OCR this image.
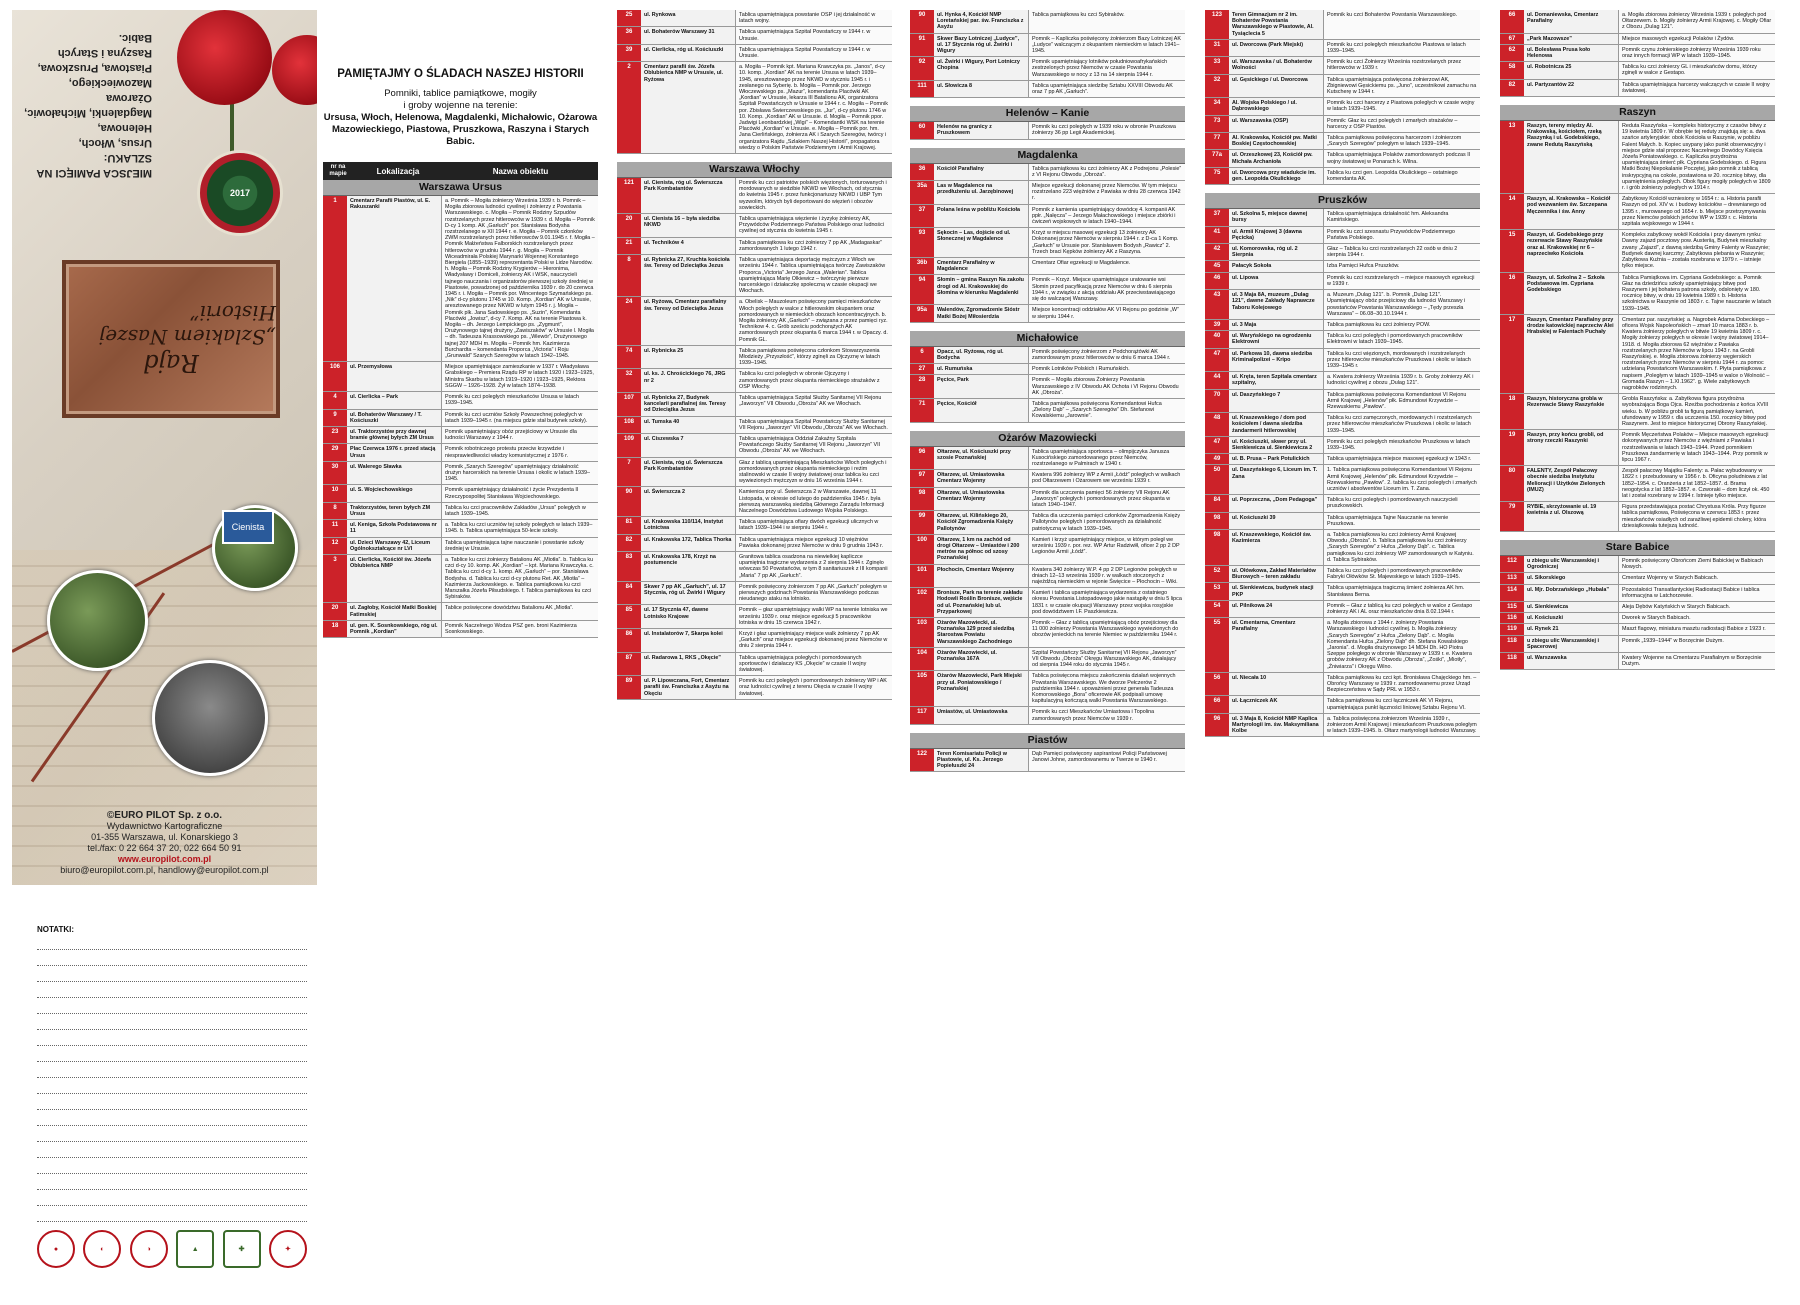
MIEJSCA PAMIĘCI NA SZLAKU:
Ursus, Włoch, Helenowa,
Magdalenki, Michałowic,
Ożarowa Mazowieckiego,
Piastowa, Pruszkowa,
Raszyna i Starych Babic.
2017
Rajd
„Szlakiem Naszej Historii”
Cienista
©EURO PILOT Sp. z o.o.
Wydawnictwo Kartograficzne
01-355 Warszawa, ul. Konarskiego 3
tel./fax: 0 22 664 37 20, 022 664 50 91
www.europilot.com.pl
biuro@europilot.com.pl, handlowy@europilot.com.pl
NOTATKI:
●	◐	◑	▲	✚	✦
PAMIĘTAJMY O ŚLADACH NASZEJ HISTORII
Pomniki, tablice pamiątkowe, mogiły
i groby wojenne na terenie:
Ursusa, Włoch, Helenowa, Magdalenki, Michałowic, Ożarowa Mazowieckiego, Piastowa, Pruszkowa, Raszyna i Starych Babic.
nr na mapie	Lokalizacja	Nazwa obiektu
Warszawa Ursus
1	Cmentarz Parafii Piastów, ul. E. Rakuszanki
a. Pomnik – Mogiła żołnierzy Września 1939 r. b. Pomnik – Mogiła zbiorowa ludności cywilnej i żołnierzy z Powstania Warszawskiego. c. Mogiła – Pomnik Rodziny Szpudów rozstrzelanych przez hitlerowców w 1939 r. d. Mogiła – Pomnik D-cy 1 komp. AK „Garłuch” por. Stanisława Bodysha rozstrzelanego w XII 1944 r. e. Mogiła – Pomnik członków ZWM rozstrzelanych przez hitlerowców 9.01.1945 r. f. Mogiła – Pomnik Małżeństwa Falborskich rozstrzelanych przez hitlerowców w grudniu 1944 r. g. Mogiła – Pomnik Wiceadmirała Polskiej Marynarki Wojennej Konstantego Biergiela (1855–1939) reprezentanta Polski w Lidze Narodów. h. Mogiła – Pomnik Rodziny Krygierów – Hieronima, Władysławy i Domiceli, żołnierzy AK i WSK, nauczycieli tajnego nauczania i organizatorów pierwszej szkoły średniej w Piastowie, powadzonej od października 1939 r. do 20 czerwca 1945 r. i. Mogiła – Pomnik por. Wincentego Szymańskiego ps. „Nik” d-cy plutonu 1745 w 10. Komp. „Kordian” AK w Ursusie, aresztowanego przez NKWD w lutym 1945 r. j. Mogiła – Pomnik plk. Jana Sadowskiego ps. „Suzin”, Komendanta Placówki „Jowisz”, d-cy 7. Komp. AK na terenie Piastowa k. Mogiła – dh. Jerzego Lempickiego ps. „Zygmunt”, Drużynowego tajnej drużyny „Zawiszaków” w Ursusie l. Mogiła – dh. Tadeusza Krassowskiego ps. „Wiewór”, Drużynowego tajnej 207 MDH m. Mogiła – Pomnik hm. Kazimierza Burchardta – komendanta Proporca „Victoria” i Roju „Grunwald” Szarych Szeregów w latach 1942–1945.
106	ul. Przemysłowa	Miejsce upamiętniające zamieszkanie w 1937 r. Władysława Grabskiego – Premiera Rządu RP w latach 1920 i 1923–1925, Ministra Skarbu w latach 1919–1920 i 1923–1925, Rektora SGGW – 1926–1928. Żył w latach 1874–1938.
4	ul. Cierlicka – Park	Pomnik ku czci poległych mieszkańców Ursusa w latach 1939–1945.
9	ul. Bohaterów Warszawy / T. Kościuszki
Pomnik ku czci uczniów Szkoły Powszechnej poległych w latach 1939–1945 r. (na miejscu gdzie stał budynek szkoły).
23	ul. Traktorzystów przy dawnej bramie głównej byłych ZM Ursus
Pomnik upamiętniający obóz przejściowy w Ursusie dla ludności Warszawy z 1944 r.
29	Plac Czerwca 1976 r. przed stacją Ursus
Pomnik robotniczego protestu przeciw krzywdzie i niesprawiedliwości władzy komunistycznej z 1976 r.
30	ul. Walerego Sławka	Pomnik „Szarych Szeregów” upamiętniający działalność drużyn harcerskich na terenie Ursusa i okolic w latach 1939–1945.
10	ul. S. Wojciechowskiego	Pomnik upamiętniający działalność i życie Prezydenta II Rzeczypospolitej Stanisława Wojciechowskiego.
8	Traktorzystów, teren byłych ZM Ursus
Tablica ku czci pracowników Zakładów „Ursus” poległych w latach 1939–1945.
11	ul. Keniga, Szkoła Podstawowa nr 11
a. Tablica ku czci uczniów tej szkoły poległych w latach 1939–1945. b. Tablica upamiętniająca 50-lecie szkoły.
12	ul. Dzieci Warszawy 42, Liceum Ogólnokształcące nr LVI
Tablica upamiętniająca tajne nauczanie i powstanie szkoły średniej w Ursusie.
3	ul. Cierlicka, Kościół św. Józefa Oblubieńca NMP
a. Tablice ku czci żołnierzy Batalionu AK „Miotła”. b. Tablica ku czci d-cy 10. komp. AK „Kordian” – kpt. Mariana Krawczyka. c. Tablica ku czci d-cy 1. komp. AK „Garłuch” – por. Stanisława Bodysha. d. Tablica ku czci d-cy plutonu Ret. AK „Miotła” – Kazimierza Jackowskiego. e. Tablica pamiątkowa ku czci Marszałka Józefa Piłsudskiego. f. Tablica pamiątkowa ku czci Sybiraków.
20	ul. Zagłoby, Kościół Matki Boskiej Fatimskiej
Tablice poświęcone dowództwu Batalionu AK „Miotła”.
18	ul. gen. K. Sosnkowskiego, róg ul. Pomnik „Kordian”
Pomnik Naczelnego Wodza PSZ gen. broni Kazimierza Sosnkowskiego.
25	ul. Rynkowa	Tablica upamiętniająca powstanie OSP i jej działalność w latach wojny.
36	ul. Bohaterów Warszawy 31	Tablica upamiętniająca Szpital Powstańczy w 1944 r. w Ursusie.
39	ul. Cierlicka, róg ul. Kościuszki	Tablica upamiętniająca Szpital Powstańczy w 1944 r. w Ursusie.
2	Cmentarz parafii św. Józefa Oblubieńca NMP w Ursusie, ul. Ryżowa
a. Mogiła – Pomnik kpt. Mariana Krawczyka ps. „Janos”, d-cy 10. komp. „Kordian” AK na terenie Ursusa w latach 1939–1945, aresztowanego przez NKWD w styczniu 1945 r. i zesłanego na Syberię. b. Mogiła – Pomnik por. Jerzego Włoczewskiego ps. „Mazur”, komendanta Placówki AK „Kordian” w Ursusie, lekarza III Batalionu AK, organizatora Szpitali Powstańczych w Ursusie w 1944 r. c. Mogiła – Pomnik por. Zbisława Świerczewskiego ps. „Jur”, d-cy plutonu 1746 w 10. Komp. „Kordian” AK w Ursusie. d. Mogiła – Pomnik ppor. Jadwigi Leonbardzkiej „Wigi” – Komendantki WSK na terenie Placówki „Kordian” w Ursusie. e. Mogiła – Pomnik por. hm. Jana Cierlińskiego, żołnierza AK i Szarych Szeregów, twórcy i organizatora Rajdu „Szlakiem Naszej Historii”, propagatora wiedzy o Polskim Państwie Podziemnym i Armii Krajowej.
Warszawa Włochy
121	ul. Cienista, róg ul. Świerszcza Park Kombatantów
Pomnik ku czci patriotów polskich więzionych, torturowanych i mordowanych w siedzibie NKWD we Włochach, od stycznia do kwietnia 1945 r. przez funkcjonariuszy NKWD i UBP Tym wyzwolim, których byli deportowani do więzień i obozów sowieckich.
20	ul. Cienista 16 – była siedziba NKWD
Tablica upamiętniająca więzienie i żyzykę żołnierzy AK, Przywódców Podziemnego Państwa Polskiego oraz ludności cywilnej od stycznia do kwietnia 1945 r.
21	ul. Techników 4	Tablica pamiątkowa ku czci żołnierzy 7 pp AK „Madagaskar” zamordowanych 1 lutego 1942 r.
8	ul. Rybnicka 27, Kruchta kościoła św. Teresy od Dzieciątka Jezus
Tablica upamiętniająca deportację mężczyzn z Włoch we wrześniu 1944 r. Tablica upamiętniająca twórczę Zawiszaków Proporca „Victoria” Jerzego Janca „Walerian”. Tablica upamiętniająca Marię Olkiewicz – twórczynię pierwsze harcerskiego i działaczkę społeczną w czasie okupacji we Włochach.
24	ul. Ryżowa, Cmentarz parafialny św. Teresy od Dzieciątka Jezus
a. Obelisk – Mauzoleum poświęcony pamięci mieszkańców Włoch poległych w walce z hitlerowskim okupantem oraz pomordowanych w niemieckich obozach koncentracyjnych. b. Mogiła żołnierzy AK „Garłuch” – związana z przez pamięci ryz. Technikow 4. c. Grób sześciu podchorążych AK zamordowanych przez okupanta 6 marca 1944 r. w Opaczy. d. Pomnik GL.
74	ul. Rybnicka 25	Tablica pamiątkowa poświęcona członkom Stowarzyszenia Młodzieży „Przyszłość”, którzy zginęli za Ojczyznę w latach 1939–1945.
32	ul. ks. J. Chrościckiego 76, JRG nr 2
Tablica ku czci poległych w obronie Ojczyzny i zamordowanych przez okupanta niemieckiego strażaków z OSP Włochy.
107	ul. Rybnicka 27, Budynek kancelarii parafialnej św. Teresy od Dzieciątka Jezus
Tablica upamiętniająca Szpital Służby Sanitarnej VII Rejonu „Jaworzyn” VII Obwodu „Obroża” AK we Włochach.
108	ul. Tumska 40	Tablica upamiętniająca Szpital Powstańczy Służby Sanitarnej VII Rejonu „Jaworzyn” VII Obwodu „Obroża” AK we Włochach.
109	ul. Ciszewska 7	Tablica upamiętniająca Oddział Zakaźny Szpitala Powstańczego Służby Sanitarnej VII Rejonu „Jaworzyn” VII Obwodu „Obroża” AK we Włochach.
7	ul. Cienista, róg ul. Świerszcza Park Kombatantów
Głaz z tablicą upamiętniającą Mieszkańców Włoch poległych i pomordowanych przez okupanta niemieckiego i reżim stalinowski w czasie II wojny światowej oraz tablica ku czci wywiezionych mężczyzn w dniu 16 września 1944 r.
90	ul. Świerszcza 2	Kamienica przy ul. Świerszcza 2 w Warszawie, dawnej 11 Listopada, w okresie od lutego do października 1945 r. była pierwszą warszawską siedzibą Głównego Zarządu Informacji Naczelnego Dowództwa Ludowego Wojska Polskiego.
81	ul. Krakowska 110/114, Instytut Lotnictwa
Tablica upamiętniająca ofiary dwóch egzekucji ulicznych w latach 1939–1944 i w sierpniu 1944 r.
82	ul. Krakowska 172, Tablica Thorka	Tablica upamiętniająca miejsce egzekucji 10 więźniów Pawiaka dokonanej przez Niemców w dniu 9 grudnia 1943 r.
83	ul. Krakowska 178, Krzyż na postumencie
Granitowa tablica osadzona na niewielkiej kapliczce upamiętnia tragiczne wydarzenia z 2 sierpnia 1944 r. Zginęło wówczas 50 Powstańców, w tym 8 sanitariuszek z III kompanii „Maria” 7 pp AK „Garłuch”.
84	Skwer 7 pp AK „Garłuch”, ul. 17 Stycznia, róg ul. Żwirki i Wigury
Pomnik poświęcony żołnierzom 7 pp AK „Garłuch” poległym w pierwszych godzinach Powstania Warszawskiego podczas nieudanego ataku na lotnisko.
85	ul. 17 Stycznia 47, dawne Lotnisko Krajowe
Pomnik – głaz upamiętniający walki WP na terenie lotniska we wrześniu 1939 r. oraz miejsce egzekucji 5 pracowników lotniska w dniu 15 czerwca 1942 r.
86	ul. Instalatorów 7, Skarpa kolei	Krzyż i głaz upamiętniający miejsce walk żołnierzy 7 pp AK „Garłuch” oraz miejsce egzekucji dokonanej przez Niemców w dniu 2 sierpnia 1944 r.
87	ul. Radarowa 1, RKS „Okęcie”	Tablica upamiętniająca poległych i pomordowanych sportowców i działaczy KS „Okęcie” w czasie II wojny światowej.
89	ul. P. Lipowczana, Fort, Cmentarz parafii św. Franciszka z Asyżu na Okęciu
Pomnik ku czci poległych i pomordowanych żołnierzy WP i AK oraz ludności cywilnej z terenu Okęcia w czasie II wojny światowej.
90	ul. Hynka 4, Kościół NMP Loretańskiej par. św. Franciszka z Asyżu
Tablica pamiątkowa ku czci Sybiraków.
91	Skwer Bazy Lotniczej „Ludyce”, ul. 17 Stycznia róg ul. Żwirki i Wigury
Pomnik – Kapliczka poświęcony żołnierzom Bazy Lotniczej AK „Ludyce” walczącym z okupantem niemieckim w latach 1941–1945.
92	ul. Żwirki i Wigury, Port Lotniczy Chopina
Pomnik upamiętniający lotników południowoafrykańskich zestrzelonych przez Niemców w czasie Powstania Warszawskiego w nocy z 13 na 14 sierpnia 1944 r.
111	ul. Słowicza 8	Tablica upamiętniająca siedzibę Sztabu XXVIII Obwodu AK oraz 7 pp AK „Garłuch”.
Helenów – Kanie
60	Helenów na granicy z Pruszkowem
Pomnik ku czci poległych w 1939 roku w obronie Pruszkowa żołnierzy 36 pp Legii Akademickiej.
Magdalenka
36	Kościół Parafialny	Tablica pamiątkowa ku czci żołnierzy AK z Podrejonu „Polesie” z VI Rejonu Obwodu „Obroża”.
35a	Las w Magdalence na przedłużeniu ul. Jarzębinowej
Miejsce egzekucji dokonanej przez Niemców. W tym miejscu rozstrzelano 223 więźniów z Pawiaka w dniu 28 czerwca 1942 r.
37	Polana leśna w pobliżu Kościoła	Pomnik z kamienia upamiętniający dowódcę 4. kompanii AK ppłr. „Nałęcza” – Jerzego Małachowskiego i miejsce zbiórki i ćwiczeń wojskowych w latach 1940–1944.
93	Sękocin – Las, dojście od ul. Słonecznej w Magdalence
Krzyż w miejscu masowej egzekucji 13 żołnierzy AK Dokonanej przez Niemców w sierpniu 1944 r. z D-ca 1 Komp. „Garłuch” w Ursusie por. Stanisławem Bodysh „Rawicz” 2. Trzech braci Kępków żołnierzy AK z Raszyna.
36b	Cmentarz Parafialny w Magdalence
Cmentarz Ofiar egzekucji w Magdalence.
94	Słomin – gmina Raszyn Na zakołu drogi od Al. Krakowskiej do Słomina w kierunku Magdalenki
Pomnik – Krzyż. Miejsce upamiętniające uratowanie wsi Słomin przed pacyfikacją przez Niemców w dniu 6 sierpnia 1944 r., w związku z akcją oddziału AK przeciwstawiającego się do walczącej Warszawy.
95a	Walendów, Zgromadzenie Sióstr Matki Bożej Miłosierdzia
Miejsce koncentracji oddziałów AK VI Rejonu po godzinie „W” w sierpniu 1944 r.
Michałowice
6	Opacz, ul. Ryżowa, róg ul. Bodycha
Pomnik poświęcony żołnierzom z Podchorążówki AK zamordowanym przez hitlerowców w dniu 6 marca 1944 r.
27	ul. Rumuńska	Pomnik Lotników Polskich i Rumuńskich.
28	Pęcice, Park	Pomnik – Mogiła zbiorowa Żołnierzy Powstania Warszawskiego z IV Obwodu AK Ochota i VI Rejonu Obwodu AK „Obroża”.
71	Pęcice, Kościół	Tablica pamiątkowa poświęcona Komendantowi Hufca „Zielony Dąb” – „Szarych Szeregów” Dh. Stefanowi Kowalskiemu „Jarownie”.
Ożarów Mazowiecki
96	Ołtarzew, ul. Kościuszki przy szosie Poznańskiej
Tablica upamiętniająca sportowca – olimpijczyka Janusza Kusocińskiego zamordowanego przez Niemców, rozstrzelanego w Palmirach w 1940 r.
97	Ołtarzew, ul. Umiastowska Cmentarz Wojenny
Kwatera 996 żołnierzy WP z Armii „Łódź” poległych w walkach pod Ołtarzewem i Ożarowem we wrześniu 1939 r.
98	Ołtarzew, ul. Umiastowska Cmentarz Wojenny
Pomnik dla uczczenia pamięci 56 żołnierzy VII Rejonu AK „Jaworzyn” poległych i pomordowanych przez okupanta w latach 1940–1947.
99	Ołtarzew, ul. Kilińskiego 20, Kościół Zgromadzenia Księży Pallotynów
Tablica dla uczczenia pamięci członków Zgromadzenia Księży Pallotynów poległych i pomordowanych za działalność patriotyczną w latach 1939–1945.
100	Ołtarzew, 1 km na zachód od drogi Ołtarzew – Umiastów i 200 metrów na północ od szosy Poznańskiej
Kamień i krzyż upamiętniający miejsce, w którym poległ we wrześniu 1939 r. por. rez. WP Artur Radziwiłł, oficer 2 pp 2 DP Legionów Armii „Łódź”.
101	Płochocin, Cmentarz Wojenny	Kwatera 340 żołnierzy W.P. 4 pp 2 DP Legionów poległych w dniach 12–13 września 1939 r. w walkach stoczonych z najeźdźcą niemieckim w rejonie Święcice – Płochocin – Wiki.
102	Broniszе, Park na terenie zakładu Hodowli Roślin Bronisze, wejście od ul. Poznańskiej lub ul. Przyparkowej
Kamień i tablica upamiętniająca wydarzenia z ostatniego okresu Powstania Listopadowego jakie nastąpiły w dniu 5 lipca 1831 r. w czasie okupacji Warszawy przez wojska rosyjskie pod dowództwem I.F. Paszkiewicza.
103	Ożarów Mazowiecki, ul. Poznańska 129 przed siedzibą Starostwa Powiatu Warszawskiego Zachodniego
Pomnik – Głaz z tablicą upamiętniającą obóz przejściowy dla 11 000 żołnierzy Powstania Warszawskiego wywiezionych do obozów jenieckich na terenie Niemiec w październiku 1944 r.
104	Ożarów Mazowiecki, ul. Poznańska 167A
Szpital Powstańczy Służby Sanitarnej VII Rejonu „Jaworzyn” VII Obwodu „Obroża” Okręgu Warszawskiego AK, działający od sierpnia 1944 roku do stycznia 1945 r.
105	Ożarów Mazowiecki, Park Miejski przy ul. Poniatowskiego / Poznańskiej
Tablica poświęcona miejscu zakończenia działań wojennych Powstania Warszawskiego. We dworze Pełczerów 2 października 1944 r. upoważnieni przez generała Tadeusza Komorowskiego „Bora” oficerowie AK podpisali umowę kapitulacyjną kończącą walki Powstania Warszawskiego.
117	Umiastów, ul. Umiastowska	Pomnik ku czci Mieszkańców Umiastowa i Topolina zamordowanych przez Niemców w 1939 r.
Piastów
122	Teren Komisariatu Policji w Piastowie, ul. Ks. Jerzego Popiełuszki 24
Dąb Pamięci poświęcony aspirantowi Policji Państwowej Janowi Johne, zamordowanemu w Twerze w 1940 r.
123	Teren Gimnazjum nr 2 im. Bohaterów Powstania Warszawskiego w Piastowie, Al. Tysiąclecia 5
Pomnik ku czci Bohaterów Powstania Warszawskiego.
31	ul. Dworcowa (Park Miejski)	Pomnik ku czci poległych mieszkańców Piastowa w latach 1939–1945.
33	ul. Warszawska / ul. Bohaterów Wolności
Pomnik ku czci Żołnierzy Września rozstrzelanych przez hitlerowców w 1939 r.
32	ul. Gęsickiego / ul. Dworcowa	Tablica upamiętniająca poświęcona żołnierzowi AK, Zbigniewowi Gęsickiemu ps. „Juno”, uczestnikowi zamachu na Kutscherę w 1944 r.
34	Al. Wojska Polskiego / ul. Dąbrowskiego
Pomnik ku czci harcerzy z Piastowa poległych w czasie wojny w latach 1939–1945.
73	ul. Warszawska (OSP)	Pomnik: Głaz ku czci poległych i zmarłych strażaków – harcerzy z OSP Piastów.
77	Al. Krakowska, Kościół pw. Matki Boskiej Częstochowskiej
Tablica pamiątkowa poświęcona harcerzom i żołnierzom „Szarych Szeregów” poległym w latach 1939–1945.
77a	ul. Orzeszkowej 23, Kościół pw. Michała Archanioła
Tablica upamiętniająca Polaków zamordowanych podczas II wojny światowej w Ponarach k. Wilna.
75	ul. Dworcowa przy wiadukcie im. gen. Leopolda Okulickiego
Tablica ku czci gen. Leopolda Okulickiego – ostatniego komendanta AK.
Pruszków
37	ul. Szkolna 5, miejsce dawnej bursy
Tablica upamiętniająca działalność hm. Aleksandra Kamińskiego.
41	ul. Armii Krajowej 3 (dawna Pęcicka)
Pomnik ku czci szesnastu Przywódców Podziemnego Państwa Polskiego.
42	ul. Komorowska, róg ul. 2 Sierpnia
Głaz – Tablica ku czci rozstrzelanych 22 osób w dniu 2 sierpnia 1944 r.
45	Pałacyk Sokoła	Izba Pamięci Hufca Pruszków.
46	ul. Lipowa	Pomnik ku czci rozstrzelanych – miejsce masowych egzekucji w 1939 r.
43	ul. 3 Maja 8A, muzeum „Dulag 121”, dawne Zakłady Naprawcze Taboru Kolejowego
a. Muzeum „Dulag 121”. b. Pomnik „Dulag 121”. Upamiętniający obóz przejściowy dla ludności Warszawy i powstańców Powstania Warszawskiego – „Tędy przeszła Warszawa” – 06.08–30.10.1944 r.
39	ul. 3 Maja	Tablica pamiątkowa ku czci żołnierzy POW.
40	ul. Waryńskiego na ogrodzeniu Elektrowni
Tablica ku czci poległych i pomordowanych pracowników Elektrowni w latach 1939–1945.
47	ul. Parkowa 10, dawna siedziba Kriminalpolizei – Kripo
Tablica ku czci więzionych, mordowanych i rozstrzelanych przez hitlerowców mieszkańców Pruszkowa i okolic w latach 1939–1945 r.
44	ul. Kręta, teren Szpitala cmentarz szpitalny,
a. Kwatera żołnierzy Września 1939 r. b. Groby żołnierzy AK i ludności cywilnej z obozu „Dulag 121”.
70	ul. Daszyńskiego 7	Tablica pamiątkowa poświęcona Komendantowi VI Rejonu Armii Krajowej „Helenów” płk. Edmundowi Krzywdzie – Rzewuskiemu „Pawłow”.
48	ul. Kraszewskiego / dom pod kościołem / dawna siedziba żandarmerii hitlerowskiej
Tablica ku czci zamęczonych, mordowanych i rozstrzelanych przez hitlerowców mieszkańców Pruszkowa i okolic w latach 1939–1945.
47	ul. Kościuszki, skwer przy ul. Sienkiewicza ul. Sienkiewicza 2
Pomnik ku czci poległych mieszkańców Pruszkowa w latach 1939–1945.
49	ul. B. Prusa – Park Potulickich	Tablica upamiętniająca miejsce masowej egzekucji w 1943 r.
50	ul. Daszyńskiego 6, Liceum im. T. Zana
1. Tablica pamiątkowa poświęcona Komendantowi VI Rejonu Armii Krajowej „Helenów” płk. Edmundowi Krzywdzie – Rzewuskiemu „Pawłow”. 2. tablica ku czci poległych i zmarłych uczniów i absolwentów Liceum im. T. Zana.
84	ul. Poprzeczna, „Dom Pedagoga”	Tablica ku czci poległych i pomordowanych nauczycieli pruszkowskich.
98	ul. Kościuszki 39	Tablica upamiętniająca Tajne Nauczanie na terenie Pruszkowa.
98	ul. Kraszewskiego, Kościół św. Kazimierza
a. Tablica pamiątkowa ku czci żołnierzy Armii Krajowej Obwodu „Obroża”. b. Tablica pamiątkowa ku czci żołnierzy „Szarych Szeregów” z Hufca „Zielony Dąb”. c. Tablica pamiątkowa ku czci żołnierzy WP zamordowanych w Katyniu. d. Tablica Sybiraków.
52	ul. Ołówkowa, Zakład Materiałów Biurowych – teren zakładu
Tablica ku czci poległych i pomordowanych pracowników Fabryki Ołówków St. Majewskiego w latach 1939–1945.
53	ul. Sienkiewicza, budynek stacji PKP
Tablica upamiętniająca tragiczną śmierć żołnierza AK hm. Stanisława Berna.
54	ul. Pilnikowa 24	Pomnik – Głaz z tablicą ku czci poległych w walce z Gestapo żołnierzy AK i AL oraz mieszkańców dnia 8.02.1944 r.
55	ul. Cmentarna, Cmentarz Parafialny
a. Mogiła zbiorowa z 1944 r. żołnierzy Powstania Warszawskiego i ludności cywilnej. b. Mogiła żołnierzy „Szarych Szeregów” z Hufca „Zielony Dąb”. c. Mogiła Komendanta Hufca „Zielony Dąb” dh. Stefana Kowalskiego „Jaronia”. d. Mogiła drużynowego 14 MDH Dh. HO Piotra Szeppe poległego w obronie Warszawy w 1939 r. e. Kwatera grobów żołnierzy AK z Obwodu „Obroża”, „Zośki”, „Miotły”, „Żniwiarza” i Okręgu Wilno.
56	ul. Niecała 10	Tablica pamiątkowa ku czci kpt. Bronisława Chajęckiego hm. – Obrońcy Warszawy w 1939 r. zamordowanemu przez Urząd Bezpieczeństwa w Sądy PRL w 1953 r.
66	ul. Łączniczek AK	Tablica pamiątkowa ku czci łączniczek AK VI Rejonu, upamiętniająca punkt łączności liniowej Sztabu Rejonu VI.
96	ul. 3 Maja 8, Kościół NMP Kaplica Martyrologii im. św. Maksymiliana Kolbe
a. Tablica poświęcona żołnierzom Września 1939 r., żołnierzom Armii Krajowej i mieszkańcom Pruszkowa poległym w latach 1939–1945. b. Ołtarz martyrologii ludności Warszawy.
66	ul. Domaniewska, Cmentarz Parafialny
a. Mogiła zbiorowa żołnierzy Września 1939 r. poległych pod Ołtarzewem. b. Mogiły żołnierzy Armii Krajowej. c. Mogiły Ofiar z Obozu „Dulag 121”.
67	„Park Mazowsze”	Miejsce masowych egzekucji Polaków i Żydów.
62	ul. Bolesława Prusa koło Helenowa
Pomnik czynu żołnierskiego żołnierzy Września 1939 roku oraz innych formacji WP w latach 1939–1945.
58	ul. Robotnicza 25	Tablica ku czci żołnierzy GL i mieszkańców domu, którzy zginęli w walce z Gestapo.
82	ul. Partyzantów 22	Tablica upamiętniająca harcerzy walczących w czasie II wojny światowej.
Raszyn
13	Raszyn, tereny między Al. Krakowską, kościołem, rzeką Raszynką i ul. Godebskiego, zwane Redutą Raszyńską
Reduta Raszyńska – kompleks historyczny z czasów bitwy z 19 kwietnia 1809 r. W obrębie tej reduty znajdują się: a. dwa szańce artyleryjskie: obok Kościoła w Raszynie, w pobliżu Falent Małych. b. Kopiec usypany jako punkt obserwacyjny i miejsce gdzie stał proporzec Naczelnego Dowódcy Księcia Józefa Poniatowskiego. c. Kapliczka przydrożna upamiętniająca śmierć płk. Cypriana Godebskiego. d. Figura Matki Bożej Niepokalanie Poczętej, jako pomnik z tablicą inskrypcyjną na cokole, postawiona w 20. rocznicę bitwy, dla upamiętnienia poległych. Obok figury mogiły poległych w 1809 r. i grób żołnierzy poległych w 1914 r.
14	Raszyn, al. Krakowska – Kościół pod wezwaniem św. Szczepana Męczennika i św. Anny
Zabytkowy Kościół wzniesiony w 1654 r.: a. Historia parafii Raszyn od pol. XIV w. i budowy kościołów – drewnianego od 1395 r., murowanego od 1654 r. b. Miejsce przetrzymywania przez Niemców polskich jeńców WP w 1939 r. c. Historia szpitala wojskowego w 1944 r.
15	Raszyn, ul. Godebskiego przy rezerwacie Stawy Raszyńskie oraz al. Krakowskiej nr 6 – naprzeciwko Kościoła
Kompleks zabytkowy wokół Kościoła i przy dawnym rynku: Dawny zajazd pocztowy pow. Austeriią, Budynek mieszkalny zwany „Zajazd”, z dawną siedzibą Gminy Falenty w Raszynie; Budynek dawnej karczmy; Zabytkowa plebania w Raszynie; Zabytkowa Kuźnia – została rozebrana w 1979 r. – istnieje tylko miejsce.
16	Raszyn, ul. Szkolna 2 – Szkoła Podstawowa im. Cypriana Godebskiego
Tablica Pamiątkowa im. Cypriana Godebskiego: a. Pomnik Głaz na dziedzińcu szkoły upamiętniający bitwę pod Raszynem i jej bohatera patrona szkoły, odsłonięty w 180. rocznicę bitwy, w dniu 19 kwietnia 1989 r. b. Historia szkolnictwa w Raszynie od 1803 r. c. Tajne nauczanie w latach 1939–1945.
17	Raszyn, Cmentarz Parafialny przy drodze katowickiej naprzeciw Alei Hrabskiej w Falentach Puchały
Cmentarz par. raszyńskiej: a. Nagrobek Adama Dobeckiego – oficera Wojsk Napoleońskich – zmarł 10 marca 1883 r. b. Kwatera żołnierzy poległych w bitwie 19 kwietnia 1809 r. c. Mogiły żołnierzy poległych w okresie I wojny światowej 1914–1918. d. Mogiła zbiorowa 62 więźniów z Pawiaka rozstrzelanych przez Niemców w lipcu 1943 r. na Grobli Raszyńskiej. e. Mogiła zbiorowa żołnierzy węgierskich rozstrzelanych przez Niemców w sierpniu 1944 r. za pomoc udzielaną Powstańcom Warszawskim. f. Płyta pamiątkowa z napisem „Poległym w latach 1939–1945 w walce o Wolność – Gromada Raszyn – 1.XI.1962”. g. Wiele zabytkowych nagrobków rodzinnych.
18	Raszyn, historyczna grobla w Rezerwacie Stawy Raszyńskie
Grobla Raszyńska: a. Zabytkowa figura przydrożna wyobrażająca Boga Ojca. Rzeźba pochodzenia z końca XVIII wieku. b. W pobliżu grobli ta figurą pamiątkowy kamień, ufundowany w 1959 r. dla uczczenia 150. rocznicy bitwy pod Raszynem. Jest to miejsce historycznej Obrony Raszyńskiej.
19	Raszyn, przy końcu grobli, od strony rzeczki Raszynki
Pomnik Męczeństwa Polaków – Miejsce masowych egzekucji dokonywanych przez Niemców z więźniami z Pawiaka i rozstrzeliwania w latach 1943–1944. Przed pomnikiem Pruszkowa żandarmerię w latach 1943–1944. Przy pomnik w lipcu 1967 r.
80	FALENTY, Zespół Pałacowy obecnie siedziba Instytutu Melioracji i Użytków Zielonych (IMUZ)
Zespół pałacowy Majątku Falenty: a. Pałac wybudowany w 1822 r. i przebudowany w 1956 r. b. Oficyna południowa z lat 1852–1954. c. Oranżeria z lat 1852–1857. d. Brama neogotycka z lat 1852–1857. e. Czworaki – dom liczył ok. 450 lat i został rozebrany w 1994 r. Istnieje tylko miejsce.
79	RYBIE, skrzyżowanie ul. 19 kwietnia z ul. Olszową
Figura przedstawiająca postać Chrystusa Króla. Przy figurze tablica pamiątkowa, Poświęcona w czerwcu 1853 r. przez mieszkańców osiadłych od zarażliwej epidemii cholery, która dziesiątkowała tutejszą ludność.
Stare Babice
112	u zbiegu ulic Warszawskiej i Ogrodniczej
Pomnik poświęcony Obrońcom Ziemi Babickiej w Babicach Nowych.
113	ul. Sikorskiego	Cmentarz Wojenny w Starych Babicach.
114	ul. Mjr. Dobrzańskiego „Hubala”	Pozostałości Transatlantyckiej Radiostacji Babice i tablica informacyjna w Latchorzewie.
115	ul. Sienkiewicza	Aleja Dębów Katyńskich w Starych Babicach.
116	ul. Kościuszki	Dworek w Starych Babicach.
119	ul. Rynek 21	Maszt flagowy, miniatura masztu radiostacji Babice z 1923 r.
118	u zbiegu ulic Warszawskiej i Spacerowej
Pomnik „1939–1944” w Borzęcinie Dużym.
118	ul. Warszawska	Kwatery Wojenne na Cmentarzu Parafialnym w Borzęcinie Dużym.
